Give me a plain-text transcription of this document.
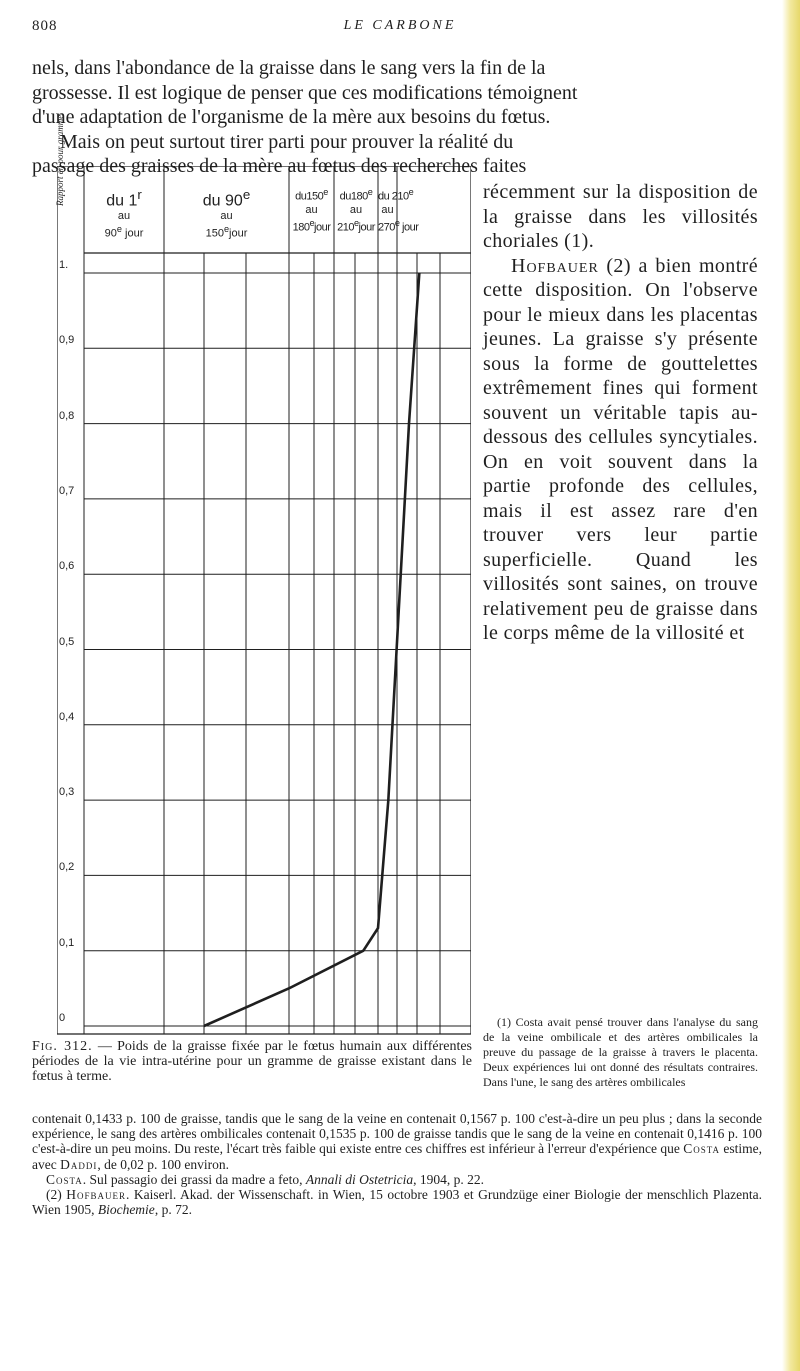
808	LE CARBONE

nels, dans l'abondance de la graisse dans le sang vers la fin de la

grossesse. Il est logique de penser que ces modifications témoignent

d'une adaptation de l'organisme de la mère aux besoins du fœtus.

Mais on peut surtout tirer parti pour prouver la réalité du

passage des graisses de la mère au fœtus des recherches faites

récemment sur la disposition de la graisse dans les villosités choriales (1).

Hofbauer (2) a bien montré cette disposition. On l'observe pour le mieux dans les placentas jeunes. La graisse s'y présente sous la forme de gouttelettes extrêmement fines qui forment souvent un véritable tapis au-dessous des cellules syncytiales. On en voit souvent dans la partie profonde des cellules, mais il est assez rare d'en trouver vers leur partie superficielle. Quand les villosités sont saines, on trouve relativement peu de graisse dans le corps même de la villosité et

Rapport en pour gramme	du 1$^r$
au
90e jour
du 90e
au
150ejour
du150e
au
180ejour
du180e
au
210ejour
du 210e
au
270e jour
1.
0,9
0,8
0,7
0,6
0,5
0,4
0,3
0,2
0,1
0

Fig. 312. — Poids de la graisse fixée par le fœtus humain aux différentes périodes de la vie intra-utérine pour un gramme de graisse existant dans le fœtus à terme.

(1) Costa avait pensé trouver dans l'analyse du sang de la veine ombilicale et des artères ombilicales la preuve du passage de la graisse à travers le placenta. Deux expériences lui ont donné des résultats contraires. Dans l'une, le sang des artères ombilicales

contenait 0,1433 p. 100 de graisse, tandis que le sang de la veine en contenait 0,1567 p. 100 c'est-à-dire un peu plus ; dans la seconde expérience, le sang des artères ombilicales contenait 0,1535 p. 100 de graisse tandis que le sang de la veine en contenait 0,1416 p. 100 c'est-à-dire un peu moins. Du reste, l'écart très faible qui existe entre ces chiffres est inférieur à l'erreur d'expérience que Costa estime, avec Daddi, de 0,02 p. 100 environ.

Costa. Sul passagio dei grassi da madre a feto, Annali di Ostetricia, 1904, p. 22.

(2) Hofbauer. Kaiserl. Akad. der Wissenschaft. in Wien, 15 octobre 1903 et Grundzüge einer Biologie der menschlich Plazenta. Wien 1905, Biochemie, p. 72.
